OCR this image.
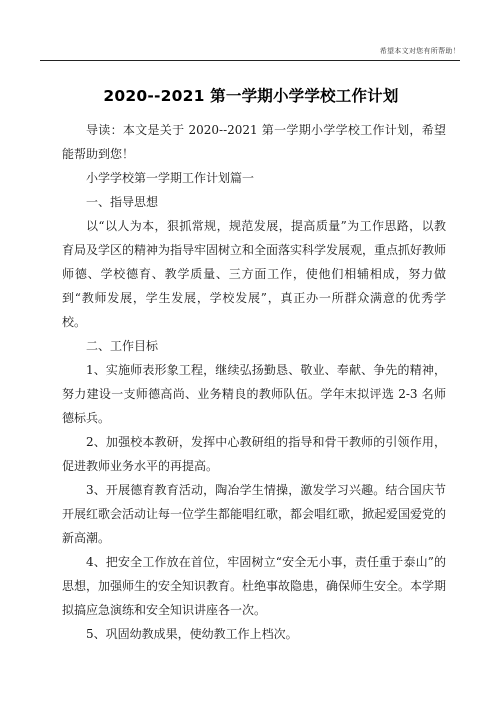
希望本文对您有所帮助！
2020--2021 第一学期小学学校工作计划

导读：本文是关于 2020--2021 第一学期小学学校工作计划，希望能帮助到您！

小学学校第一学期工作计划篇一

一、指导思想

以“以人为本，狠抓常规，规范发展，提高质量”为工作思路，以教育局及学区的精神为指导牢固树立和全面落实科学发展观，重点抓好教师师德、学校德育、教学质量、三方面工作，使他们相辅相成，努力做到“教师发展，学生发展，学校发展”，真正办一所群众满意的优秀学校。

二、工作目标

1、实施师表形象工程，继续弘扬勤恳、敬业、奉献、争先的精神，努力建设一支师德高尚、业务精良的教师队伍。学年末拟评选 2-3 名师德标兵。

2、加强校本教研，发挥中心教研组的指导和骨干教师的引领作用，促进教师业务水平的再提高。

3、开展德育教育活动，陶冶学生情操，激发学习兴趣。结合国庆节开展红歌会活动让每一位学生都能唱红歌，都会唱红歌，掀起爱国爱党的新高潮。

4、把安全工作放在首位，牢固树立“安全无小事，责任重于泰山”的思想，加强师生的安全知识教育。杜绝事故隐患，确保师生安全。本学期拟搞应急演练和安全知识讲座各一次。

5、巩固幼教成果，使幼教工作上档次。
